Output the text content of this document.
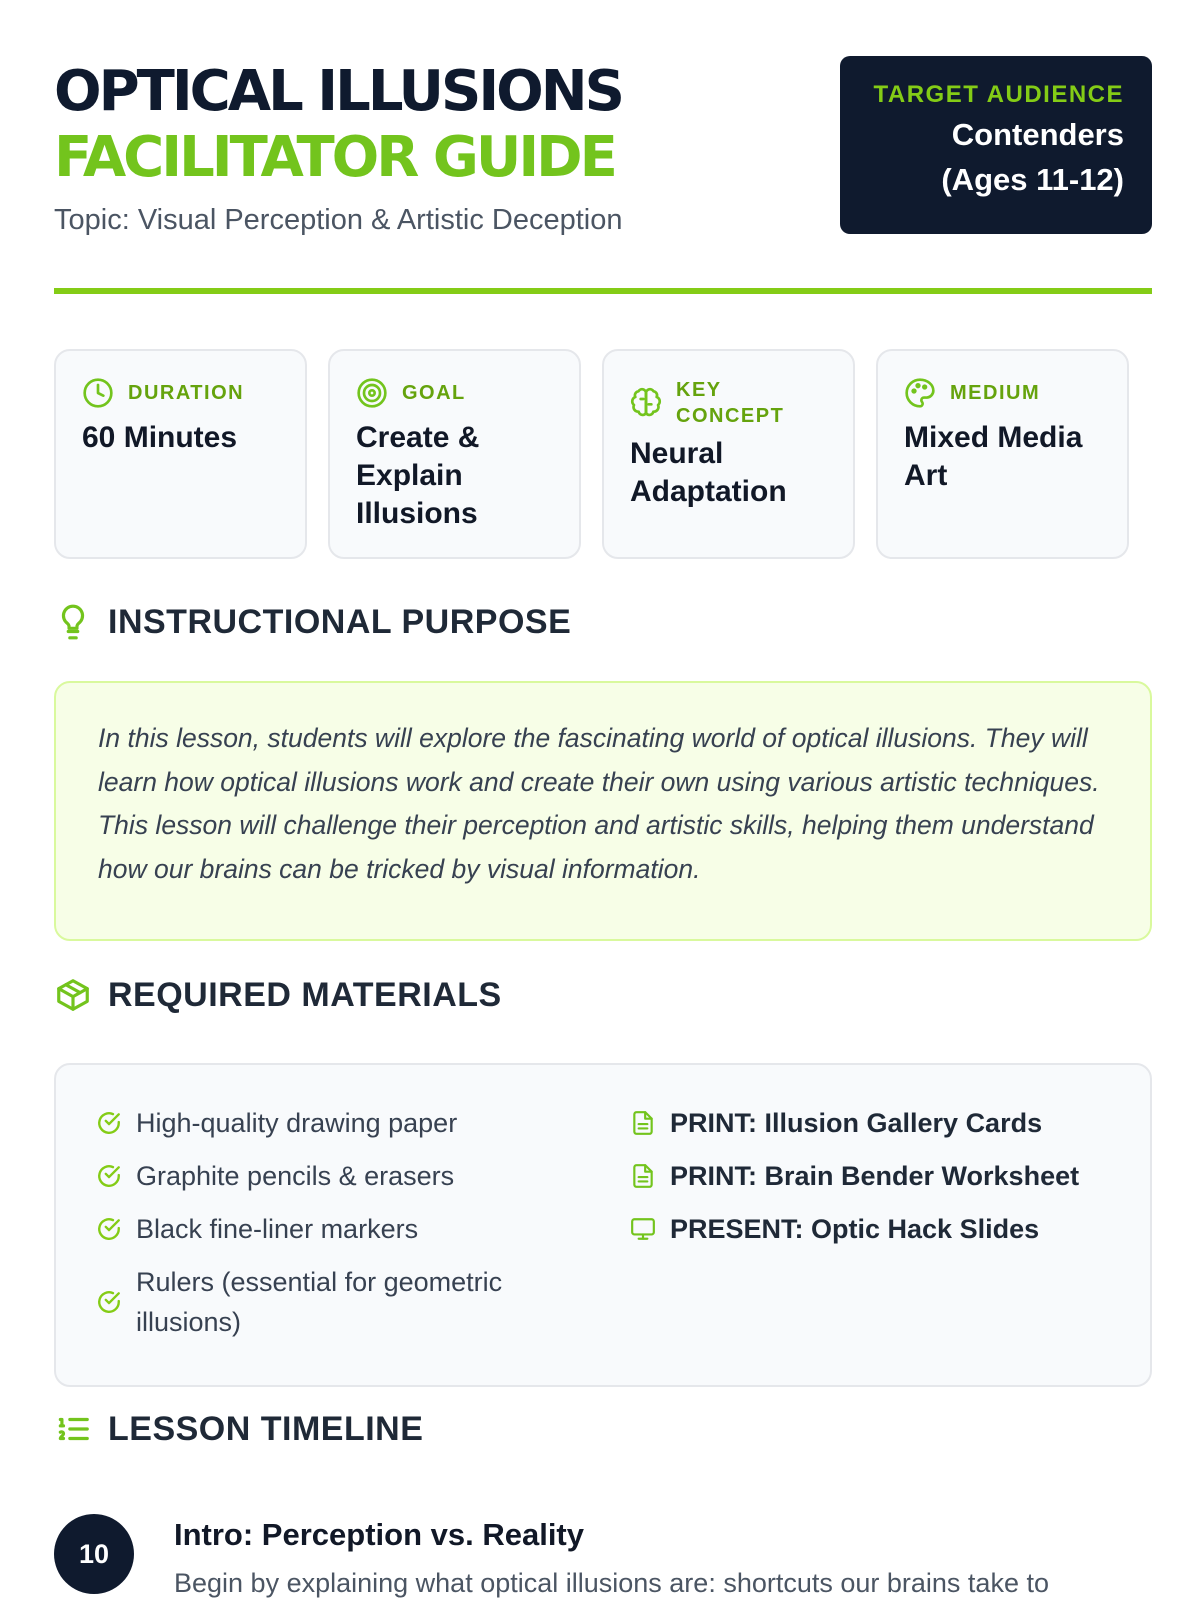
OPTICAL ILLUSIONS
FACILITATOR GUIDE
Topic: Visual Perception & Artistic Deception
TARGET AUDIENCE
Contenders
(Ages 11-12)
DURATION
60 Minutes
GOAL
Create & Explain Illusions
KEY
CONCEPT
Neural Adaptation
MEDIUM
Mixed Media Art
INSTRUCTIONAL PURPOSE

In this lesson, students will explore the fascinating world of optical illusions. They will learn how optical illusions work and create their own using various artistic techniques. This lesson will challenge their perception and artistic skills, helping them understand how our brains can be tricked by visual information.

REQUIRED MATERIALS
High-quality drawing paper
Graphite pencils & erasers
Black fine-liner markers
Rulers (essential for geometric illusions)
PRINT: Illusion Gallery Cards
PRINT: Brain Bender Worksheet
PRESENT: Optic Hack Slides
LESSON TIMELINE
10
Intro: Perception vs. Reality
Begin by explaining what optical illusions are: shortcuts our brains take to
